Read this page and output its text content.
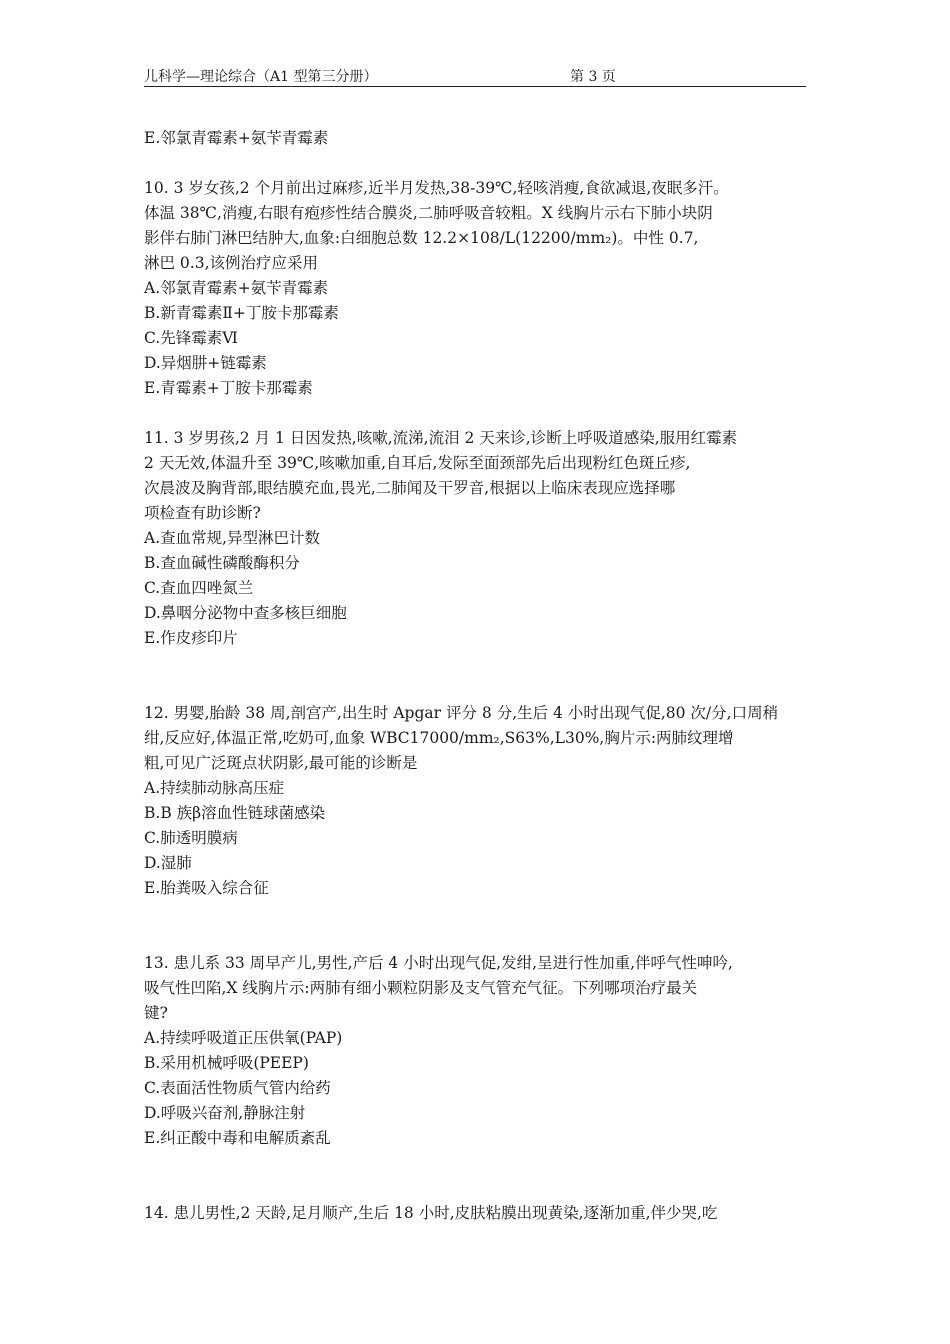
儿科学—理论综合（A1 型第三分册）	第 3 页
E.邻氯青霉素+氨苄青霉素
10. 3 岁女孩,2 个月前出过麻疹,近半月发热,38-39℃,轻咳消瘦,食欲减退,夜眠多汗。
体温 38℃,消瘦,右眼有疱疹性结合膜炎,二肺呼吸音较粗。X 线胸片示右下肺小块阴
影伴右肺门淋巴结肿大,血象:白细胞总数 12.2×108/L(12200/mm₂)。中性 0.7,
淋巴 0.3,该例治疗应采用
A.邻氯青霉素+氨苄青霉素
B.新青霉素Ⅱ+丁胺卡那霉素
C.先锋霉素Ⅵ
D.异烟肼+链霉素
E.青霉素+丁胺卡那霉素
11. 3 岁男孩,2 月 1 日因发热,咳嗽,流涕,流泪 2 天来诊,诊断上呼吸道感染,服用红霉素
2 天无效,体温升至 39℃,咳嗽加重,自耳后,发际至面颈部先后出现粉红色斑丘疹,
次晨波及胸背部,眼结膜充血,畏光,二肺闻及干罗音,根据以上临床表现应选择哪
项检查有助诊断?
A.查血常规,异型淋巴计数
B.查血碱性磷酸酶积分
C.查血四唑氮兰
D.鼻咽分泌物中查多核巨细胞
E.作皮疹印片
12. 男婴,胎龄 38 周,剖宫产,出生时 Apgar 评分 8 分,生后 4 小时出现气促,80 次/分,口周稍
绀,反应好,体温正常,吃奶可,血象 WBC17000/mm₂,S63%,L30%,胸片示:两肺纹理增
粗,可见广泛斑点状阴影,最可能的诊断是
A.持续肺动脉高压症
B.B 族β溶血性链球菌感染
C.肺透明膜病
D.湿肺
E.胎粪吸入综合征
13. 患儿系 33 周早产儿,男性,产后 4 小时出现气促,发绀,呈进行性加重,伴呼气性呻吟,
吸气性凹陷,X 线胸片示:两肺有细小颗粒阴影及支气管充气征。下列哪项治疗最关
键?
A.持续呼吸道正压供氧(PAP)
B.采用机械呼吸(PEEP)
C.表面活性物质气管内给药
D.呼吸兴奋剂,静脉注射
E.纠正酸中毒和电解质紊乱
14. 患儿男性,2 天龄,足月顺产,生后 18 小时,皮肤粘膜出现黄染,逐渐加重,伴少哭,吃
